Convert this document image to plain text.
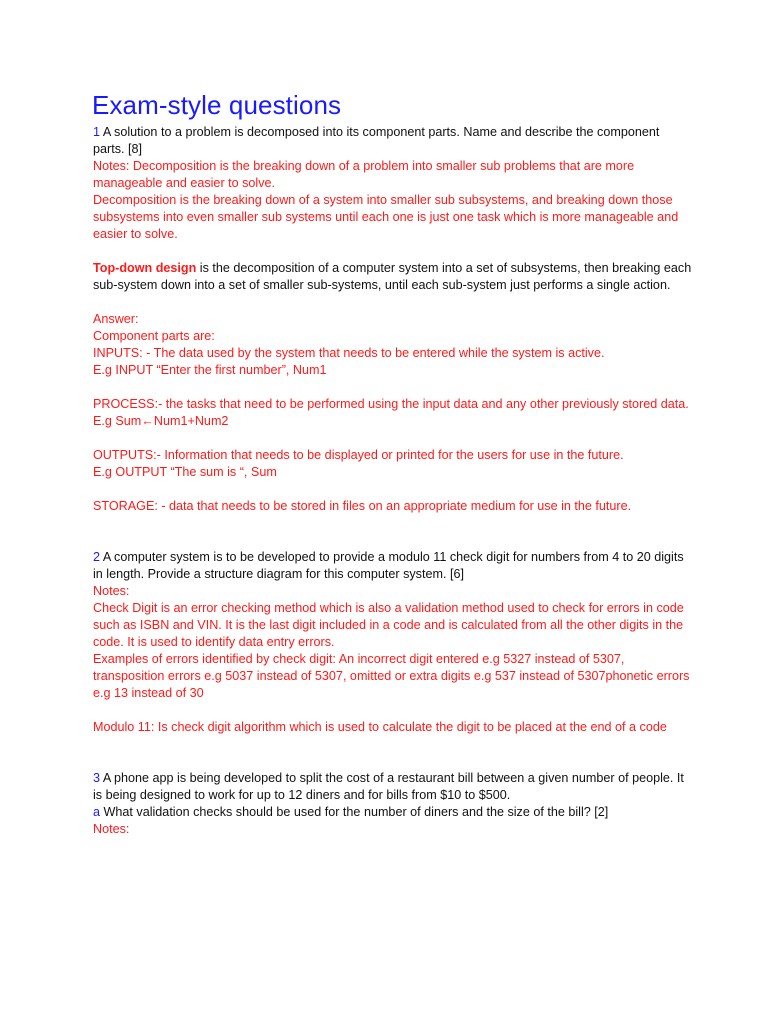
Exam-style questions

1 A solution to a problem is decomposed into its component parts. Name and describe the component parts. [8]

Notes: Decomposition is the breaking down of a problem into smaller sub problems that are more manageable and easier to solve.

Decomposition is the breaking down of a system into smaller sub subsystems, and breaking down those subsystems into even smaller sub systems until each one is just one task which is more manageable and easier to solve.

Top-down design is the decomposition of a computer system into a set of subsystems, then breaking each sub-system down into a set of smaller sub-systems, until each sub-system just performs a single action.

Answer:

Component parts are:

INPUTS: - The data used by the system that needs to be entered while the system is active.

E.g INPUT “Enter the first number”, Num1

PROCESS:- the tasks that need to be performed using the input data and any other previously stored data.

E.g Sum←Num1+Num2

OUTPUTS:- Information that needs to be displayed or printed for the users for use in the future.

E.g OUTPUT “The sum is “, Sum

STORAGE: - data that needs to be stored in files on an appropriate medium for use in the future.

2 A computer system is to be developed to provide a modulo 11 check digit for numbers from 4 to 20 digits in length. Provide a structure diagram for this computer system. [6]

Notes:

Check Digit is an error checking method which is also a validation method used to check for errors in code such as ISBN and VIN. It is the last digit included in a code and is calculated from all the other digits in the code. It is used to identify data entry errors.

Examples of errors identified by check digit: An incorrect digit entered e.g 5327 instead of 5307, transposition errors e.g 5037 instead of 5307, omitted or extra digits e.g 537 instead of 5307phonetic errors e.g 13 instead of 30

Modulo 11: Is check digit algorithm which is used to calculate the digit to be placed at the end of a code

3 A phone app is being developed to split the cost of a restaurant bill between a given number of people. It is being designed to work for up to 12 diners and for bills from $10 to $500.

a What validation checks should be used for the number of diners and the size of the bill? [2]

Notes:
